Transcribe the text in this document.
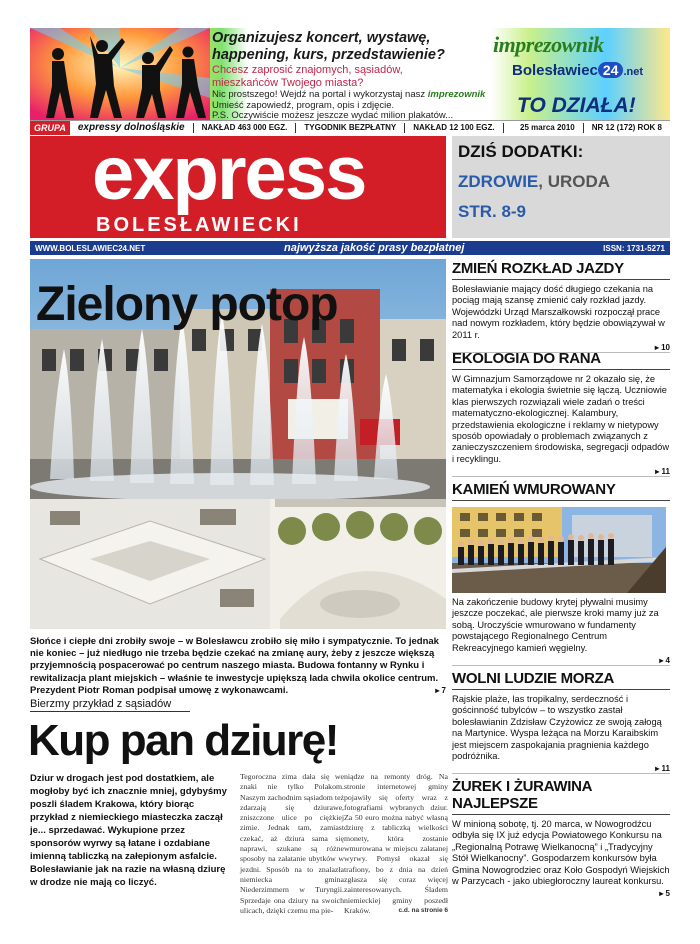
Organizujesz koncert, wystawę, happening, kurs, przedstawienie?
Chcesz zaprosić znajomych, sąsiadów, mieszkańców Twojego miasta?
Nic prostszego! Wejdź na portal i wykorzystaj nasz imprezownik
Umieść zapowiedź, program, opis i zdjęcie.
P.S. Oczywiście możesz jeszcze wydać milion plakatów...
imprezownik
Bolesławiec 24 .net
TO DZIAŁA!
GRUPA	expressy dolnośląskie	NAKŁAD 463 000 EGZ.	TYGODNIK BEZPŁATNY	NAKŁAD 12 100 EGZ.	25 marca 2010	NR 12 (172) ROK 8
express
BOLESŁAWIECKI
DZIŚ DODATKI:
ZDROWIE, URODA
STR. 8-9
WWW.BOLESLAWIEC24.NET	najwyższa jakość prasy bezpłatnej	ISSN: 1731-5271
Zielony potop
Słońce i ciepłe dni zrobiły swoje – w Bolesławcu zrobiło się miło i sympatycznie. To jednak nie koniec – już niedługo nie trzeba będzie czekać na zmianę aury, żeby z jeszcze większą przyjemnością pospacerować po centrum naszego miasta. Budowa fontanny w Rynku i rewitalizacja plant miejskich – właśnie te inwestycje upiększą lada chwila okolice centrum. Prezydent Piotr Roman podpisał umowę z wykonawcami.	▸ 7
Bierzmy przykład z sąsiadów
Kup pan dziurę!
Dziur w drogach jest pod dostatkiem, ale mogłoby być ich znacznie mniej, gdybyśmy poszli śladem Krakowa, który biorąc przykład z niemieckiego miasteczka zaczął je... sprzedawać. Wykupione przez sponsorów wyrwy są łatane i ozdabiane imienną tabliczką na załepionym asfalcie. Bolesławianie jak na razie na własną dziurę w drodze nie mają co liczyć.
Tegoroczna zima dała się we znaki nie tylko Polakom. Naszym zachodnim sąsiadom też zdarzają się dziurawe, zniszczone ulice po ciężkiej zimie. Jednak tam, zamiast czekać, aż dziura sama się naprawi, szukane są różne sposoby na załatanie ubytków w jezdni. Sposób na to znalazła niemiecka gmina Niederzimmern w Turyngii. Sprzedaje ona dziury na swoich ulicach, dzięki czemu ma pie-
niądze na remonty dróg. Na stronie internetowej gminy pojawiły się oferty wraz z fotografiami wybranych dziur. Za 50 euro można nabyć własną dziurę z tabliczką wielkości monety, która zostanie wmurowana w miejscu załatanej wyrwy. Pomysł okazał się trafiony, bo z dnia na dzień zgłasza się coraz więcej zainteresowanych. Śladem niemieckiej gminy poszedł Kraków.	c.d. na stronie 6
ZMIEŃ ROZKŁAD JAZDY
Bolesławianie mający dość długiego czekania na pociąg mają szansę zmienić cały rozkład jazdy. Wojewódzki Urząd Marszałkowski rozpoczął prace nad nowym rozkładem, który będzie obowiązywał w 2011 r.
▸ 10
EKOLOGIA DO RANA
W Gimnazjum Samorządowe nr 2 okazało się, że matematyka i ekologia świetnie się łączą. Uczniowie klas pierwszych rozwiązali wiele zadań o treści matematyczno-ekologicznej. Kalambury, przedstawienia ekologiczne i reklamy w nietypowy sposób opowiadały o problemach związanych z zanieczyszczeniem środowiska, segregacji odpadów i recyklingu.
▸ 11
KAMIEŃ WMUROWANY
Na zakończenie budowy krytej pływalni musimy jeszcze poczekać, ale pierwsze kroki mamy już za sobą. Uroczyście wmurowano w fundamenty powstającego Regionalnego Centrum Rekreacyjnego kamień węgielny.
▸ 4
WOLNI LUDZIE MORZA
Rajskie plaże, las tropikalny, serdeczność i gościnność tubylców – to wszystko zastał bolesławianin Zdzisław Czyżowicz ze swoją załogą na Martynice. Wyspa leżąca na Morzu Karaibskim jest miejscem zaspokajania pragnienia każdego podróżnika.
▸ 11
ŻUREK I ŻURAWINA NAJLEPSZE
W minioną sobotę, tj. 20 marca, w Nowogrodźcu odbyła się IX już edycja Powiatowego Konkursu na „Regionalną Potrawę Wielkanocną” i „Tradycyjny Stół Wielkanocny”. Gospodarzem konkursów była Gmina Nowogrodziec oraz Koło Gospodyń Wiejskich w Parzycach - jako ubiegłoroczny laureat konkursu.
▸ 5
